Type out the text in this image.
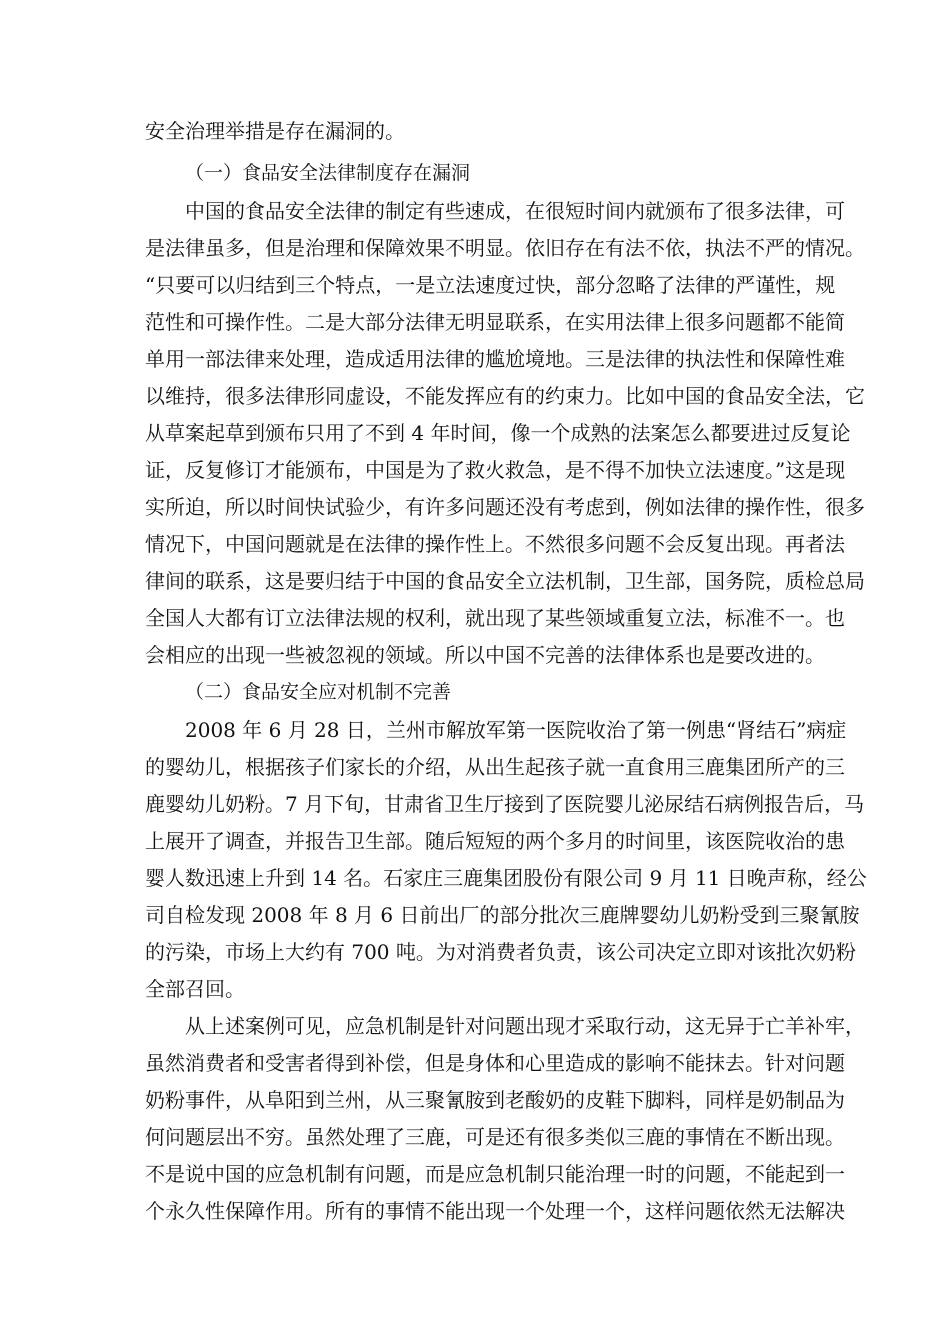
安全治理举措是存在漏洞的。
（一）食品安全法律制度存在漏洞
中国的食品安全法律的制定有些速成，在很短时间内就颁布了很多法律，可
是法律虽多，但是治理和保障效果不明显。依旧存在有法不依，执法不严的情况。
“只要可以归结到三个特点，一是立法速度过快，部分忽略了法律的严谨性，规
范性和可操作性。二是大部分法律无明显联系，在实用法律上很多问题都不能简
单用一部法律来处理，造成适用法律的尴尬境地。三是法律的执法性和保障性难
以维持，很多法律形同虚设，不能发挥应有的约束力。比如中国的食品安全法，它
从草案起草到颁布只用了不到 4 年时间，像一个成熟的法案怎么都要进过反复论
证，反复修订才能颁布，中国是为了救火救急，是不得不加快立法速度。”这是现
实所迫，所以时间快试验少，有许多问题还没有考虑到，例如法律的操作性，很多
情况下，中国问题就是在法律的操作性上。不然很多问题不会反复出现。再者法
律间的联系，这是要归结于中国的食品安全立法机制，卫生部，国务院，质检总局
全国人大都有订立法律法规的权利，就出现了某些领域重复立法，标准不一。也
会相应的出现一些被忽视的领域。所以中国不完善的法律体系也是要改进的。
（二）食品安全应对机制不完善
2008 年 6 月 28 日，兰州市解放军第一医院收治了第一例患“肾结石”病症
的婴幼儿，根据孩子们家长的介绍，从出生起孩子就一直食用三鹿集团所产的三
鹿婴幼儿奶粉。7 月下旬，甘肃省卫生厅接到了医院婴儿泌尿结石病例报告后，马
上展开了调查，并报告卫生部。随后短短的两个多月的时间里，该医院收治的患
婴人数迅速上升到 14 名。石家庄三鹿集团股份有限公司 9 月 11 日晚声称，经公
司自检发现 2008 年 8 月 6 日前出厂的部分批次三鹿牌婴幼儿奶粉受到三聚氰胺
的污染，市场上大约有 700 吨。为对消费者负责，该公司决定立即对该批次奶粉
全部召回。
从上述案例可见，应急机制是针对问题出现才采取行动，这无异于亡羊补牢，
虽然消费者和受害者得到补偿，但是身体和心里造成的影响不能抹去。针对问题
奶粉事件，从阜阳到兰州，从三聚氰胺到老酸奶的皮鞋下脚料，同样是奶制品为
何问题层出不穷。虽然处理了三鹿，可是还有很多类似三鹿的事情在不断出现。
不是说中国的应急机制有问题，而是应急机制只能治理一时的问题，不能起到一
个永久性保障作用。所有的事情不能出现一个处理一个，这样问题依然无法解决
